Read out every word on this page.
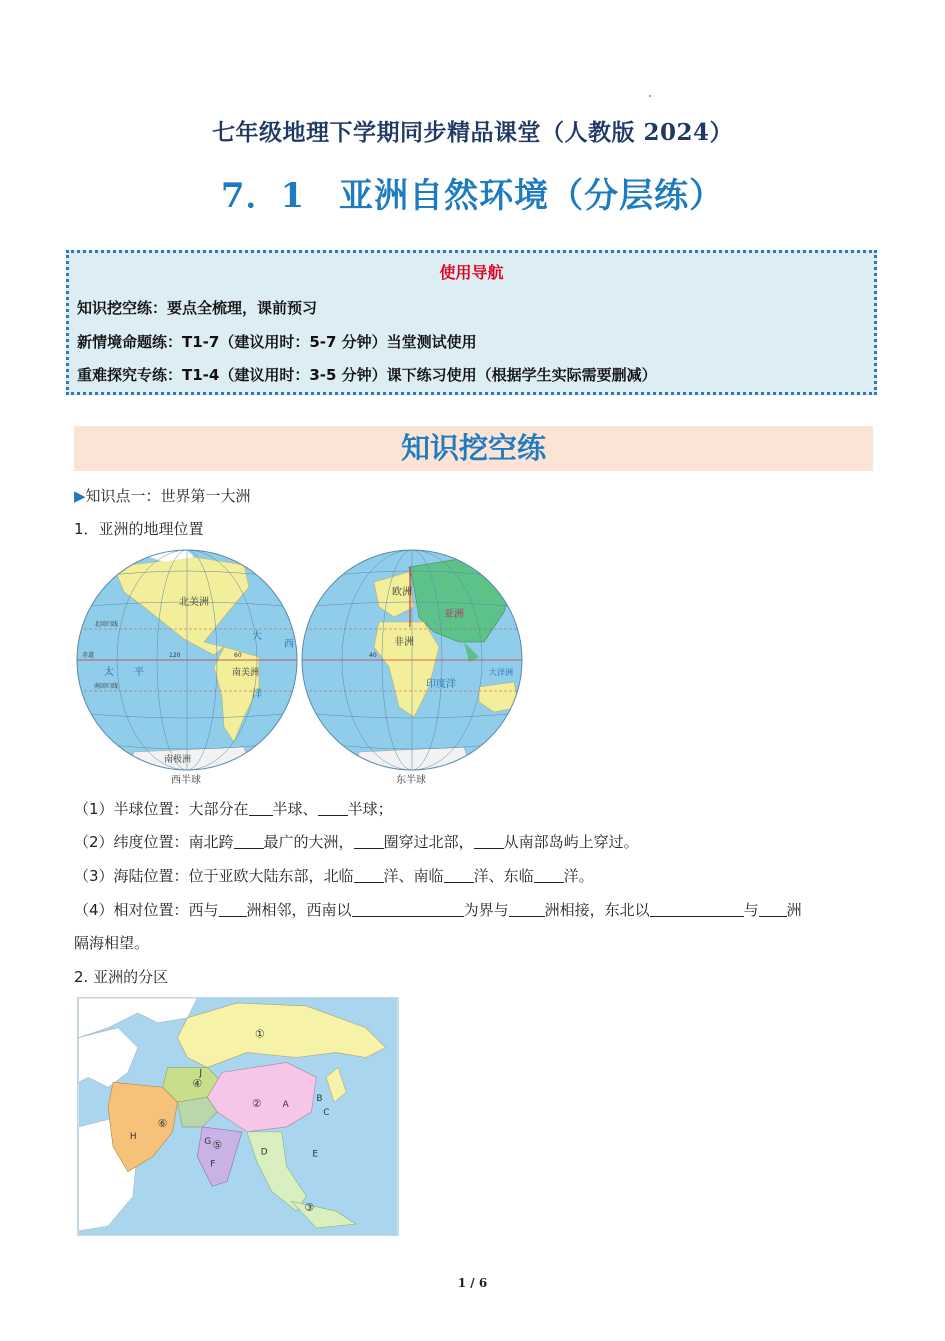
七年级地理下学期同步精品课堂（人教版 2024）
7．1 亚洲自然环境（分层练）
使用导航
知识挖空练：要点全梳理，课前预习
新情境命题练：T1-7（建议用时：5-7 分钟）当堂测试使用
重难探究专练：T1-4（建议用时：3-5 分钟）课下练习使用（根据学生实际需要删减）
知识挖空练
▶知识点一：世界第一大洲
1．亚洲的地理位置
北美洲
南美洲
南极洲
欧洲
亚洲
非洲
大
西
洋
太 平
印度洋
大洋洲
赤道
北回归线
南回归线
120	60	40
西半球	东半球
（1）半球位置：大部分在 半球、 半球；
（2）纬度位置：南北跨 最广的大洲， 圈穿过北部， 从南部岛屿上穿过。
（3）海陆位置：位于亚欧大陆东部，北临 洋、南临 洋、东临 洋。
（4）相对位置：西与 洲相邻，西南以	为界与 洲相接，东北以	与 洲
隔海相望。
2. 亚洲的分区
①
②
③
④
⑤
⑥
A
B
C
D	E
F
G
H
J
1 / 6
